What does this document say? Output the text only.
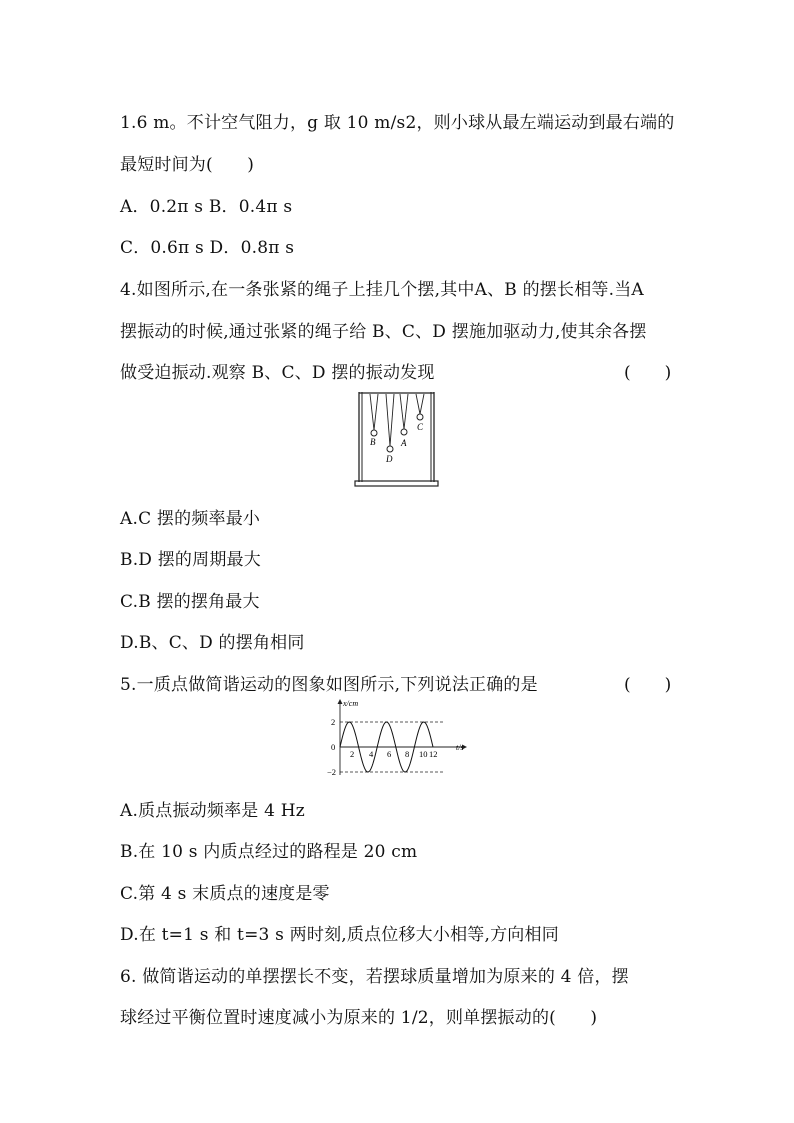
1.6 m。不计空气阻力，g 取 10 m/s2，则小球从最左端运动到最右端的
最短时间为(　　)
A．0.2π s B．0.4π s
C．0.6π s D．0.8π s
4.如图所示,在一条张紧的绳子上挂几个摆,其中A、B 的摆长相等.当A
摆振动的时候,通过张紧的绳子给 B、C、D 摆施加驱动力,使其余各摆
做受迫振动.观察 B、C、D 摆的振动发现	(　　)
B
D
A
C
A.C 摆的频率最小
B.D 摆的周期最大
C.B 摆的摆角最大
D.B、C、D 的摆角相同
5.一质点做简谐运动的图象如图所示,下列说法正确的是	(　　)
x/cm
t/s
2
0
−2
2 4 6 8 10 12
A.质点振动频率是 4 Hz
B.在 10 s 内质点经过的路程是 20 cm
C.第 4 s 末质点的速度是零
D.在 t=1 s 和 t=3 s 两时刻,质点位移大小相等,方向相同
6. 做简谐运动的单摆摆长不变，若摆球质量增加为原来的 4 倍，摆
球经过平衡位置时速度减小为原来的 1/2，则单摆振动的(　　)
